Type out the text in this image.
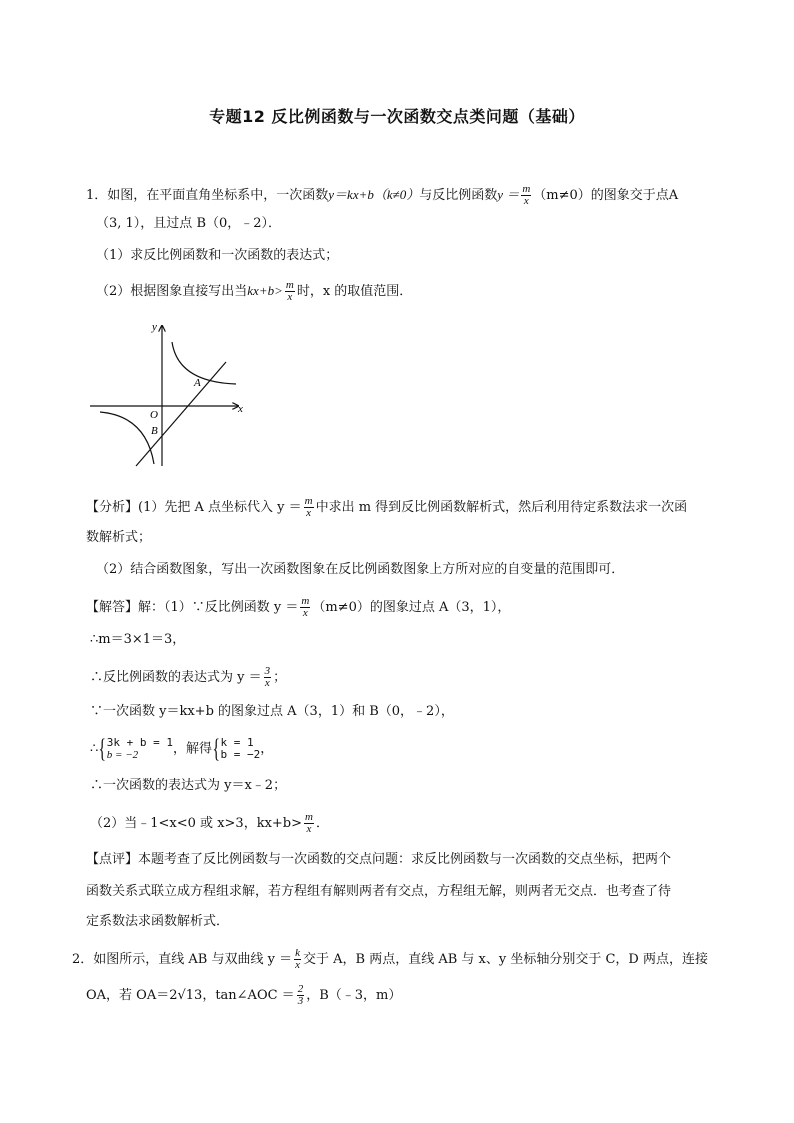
专题12 反比例函数与一次函数交点类问题（基础）
1．如图，在平面直角坐标系中，一次函数y＝kx+b（k≠0）与反比例函数$y = \frac{m}{x} (m\ne 0)$的图象交于点A
（3, 1），且过点 B（0，﹣2）．
（1）求反比例函数和一次函数的表达式；
（2）根据图象直接写出当$kx+b> \frac{m}{x}$ 时，x 的取值范围．
y
x
A
O
B
【分析】(1）先把 A 点坐标代入 $y = \frac{m}{x}$ 中求出 m 得到反比例函数解析式，然后利用待定系数法求一次函
数解析式；
（2）结合函数图象，写出一次函数图象在反比例函数图象上方所对应的自变量的范围即可．
【解答】解：（1）∵反比例函数 $y = \frac{m}{x} (m\ne 0)$的图象过点 A（3，1），
∴m＝3×1＝3，
∴反比例函数的表达式为 $y = \frac{3}{x}$ ；
∵一次函数 y＝kx+b 的图象过点 A（3，1）和 B（0，﹣2），
∴{ 3k + b = 1
b = −2	，解得{ k = 1
b = −2 ，
∴一次函数的表达式为 y＝x﹣2；
（2）当﹣1<x<0 或 x>3，$kx+b> \frac{m}{x}$ ．
【点评】本题考查了反比例函数与一次函数的交点问题：求反比例函数与一次函数的交点坐标，把两个
函数关系式联立成方程组求解，若方程组有解则两者有交点，方程组无解，则两者无交点．也考查了待
定系数法求函数解析式．
2．如图所示，直线 AB 与双曲线 $y = \frac{k}{x}$ 交于 A，B 两点，直线 AB 与 x、y 坐标轴分别交于 C，D 两点，连接
OA，若 OA＝2√13，tan∠AOC ＝ $\frac{2}{3}$ ，B（﹣3，m）
